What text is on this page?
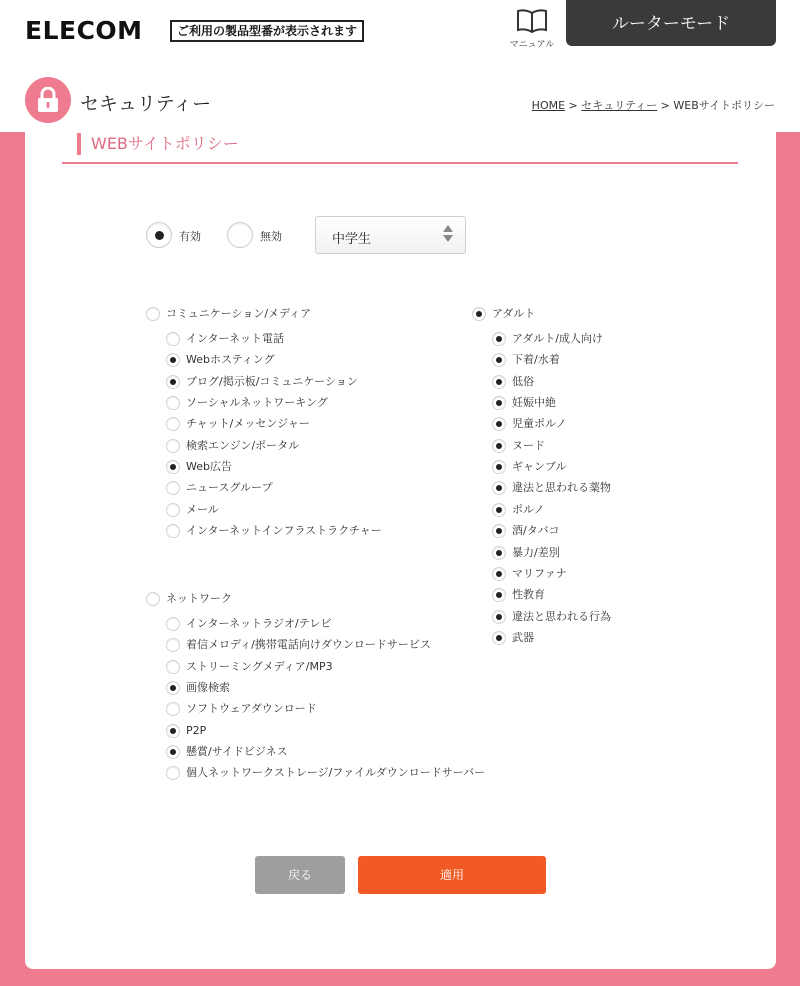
ELECOM	ご利用の製品型番が表示されます
マニュアル
ルーターモード
セキュリティー	HOME > セキュリティー > WEBサイトポリシー
WEBサイトポリシー
有効	無効	中学生
コミュニケーション/メディア
インターネット電話
Webホスティング
ブログ/掲示板/コミュニケーション
ソーシャルネットワーキング
チャット/メッセンジャー
検索エンジン/ポータル
Web広告
ニュースグループ
メール
インターネットインフラストラクチャー
ネットワーク
インターネットラジオ/テレビ
着信メロディ/携帯電話向けダウンロードサービス
ストリーミングメディア/MP3
画像検索
ソフトウェアダウンロード
P2P
懸賞/サイドビジネス
個人ネットワークストレージ/ファイルダウンロードサーバー
アダルト
アダルト/成人向け
下着/水着
低俗
妊娠中絶
児童ポルノ
ヌード
ギャンブル
違法と思われる薬物
ポルノ
酒/タバコ
暴力/差別
マリファナ
性教育
違法と思われる行為
武器
戻る	適用
